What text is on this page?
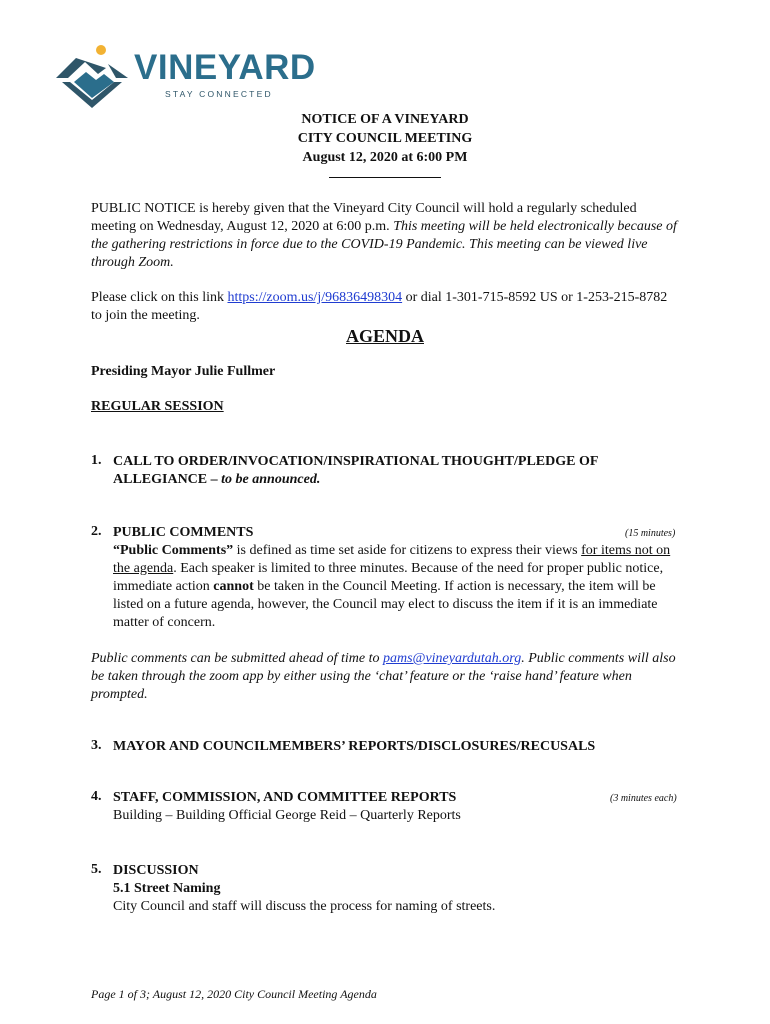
VINEYARD
STAY CONNECTED
NOTICE OF A VINEYARD
CITY COUNCIL MEETING
August 12, 2020 at 6:00 PM
PUBLIC NOTICE is hereby given that the Vineyard City Council will hold a regularly scheduled meeting on Wednesday, August 12, 2020 at 6:00 p.m. This meeting will be held electronically because of the gathering restrictions in force due to the COVID-19 Pandemic. This meeting can be viewed live through Zoom.
Please click on this link https://zoom.us/j/96836498304 or dial 1-301-715-8592 US or 1-253-215-8782 to join the meeting.
AGENDA
Presiding Mayor Julie Fullmer
REGULAR SESSION
1. CALL TO ORDER/INVOCATION/INSPIRATIONAL THOUGHT/PLEDGE OF ALLEGIANCE – to be announced.
2. PUBLIC COMMENTS	(15 minutes)
“Public Comments” is defined as time set aside for citizens to express their views for items not on the agenda. Each speaker is limited to three minutes. Because of the need for proper public notice, immediate action cannot be taken in the Council Meeting. If action is necessary, the item will be listed on a future agenda, however, the Council may elect to discuss the item if it is an immediate matter of concern.
Public comments can be submitted ahead of time to pams@vineyardutah.org. Public comments will also be taken through the zoom app by either using the ‘chat’ feature or the ‘raise hand’ feature when prompted.
3. MAYOR AND COUNCILMEMBERS’ REPORTS/DISCLOSURES/RECUSALS
4. STAFF, COMMISSION, AND COMMITTEE REPORTS	(3 minutes each)
Building – Building Official George Reid – Quarterly Reports
5. DISCUSSION
5.1 Street Naming
City Council and staff will discuss the process for naming of streets.
Page 1 of 3; August 12, 2020 City Council Meeting Agenda
